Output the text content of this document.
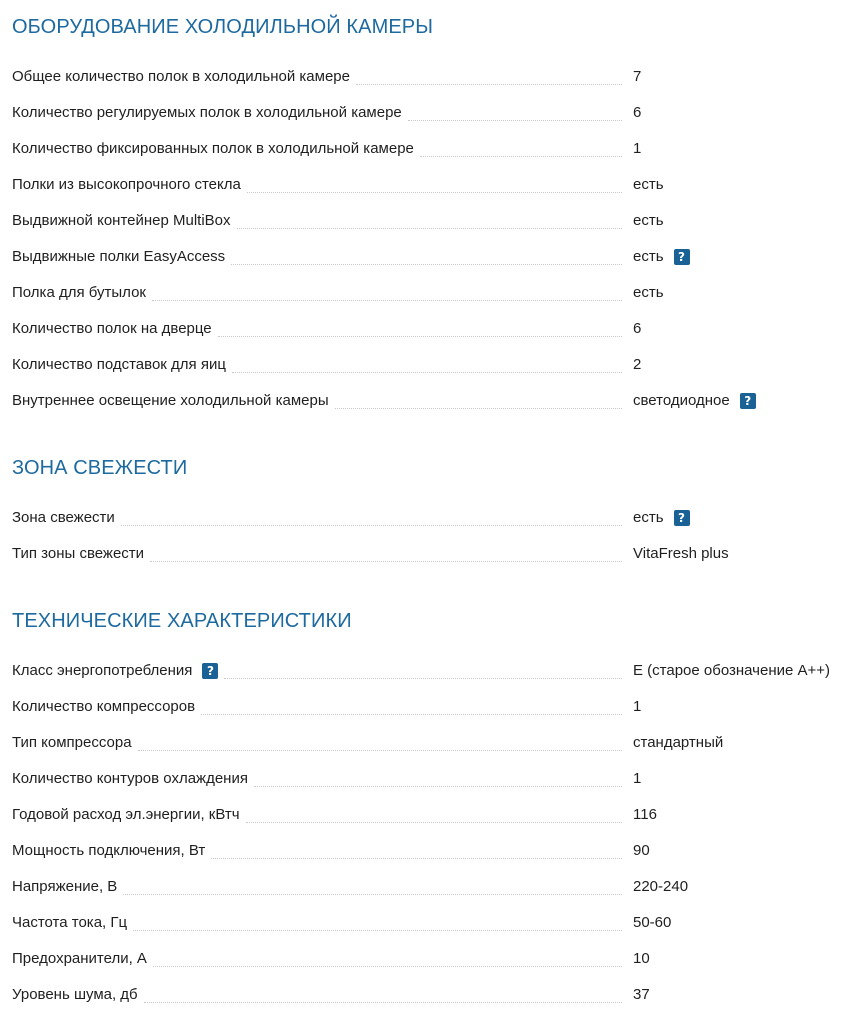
ОБОРУДОВАНИЕ ХОЛОДИЛЬНОЙ КАМЕРЫ
Общее количество полок в холодильной камере	7
Количество регулируемых полок в холодильной камере	6
Количество фиксированных полок в холодильной камере	1
Полки из высокопрочного стекла	есть
Выдвижной контейнер MultiBox	есть
Выдвижные полки EasyAccess	есть	?
Полка для бутылок	есть
Количество полок на дверце	6
Количество подставок для яиц	2
Внутреннее освещение холодильной камеры	светодиодное	?
ЗОНА СВЕЖЕСТИ
Зона свежести	есть	?
Тип зоны свежести	VitaFresh plus
ТЕХНИЧЕСКИЕ ХАРАКТЕРИСТИКИ
Класс энергопотребления	?	E (старое обозначение A++)
Количество компрессоров	1
Тип компрессора	стандартный
Количество контуров охлаждения	1
Годовой расход эл.энергии, кВтч	116
Мощность подключения, Вт	90
Напряжение, В	220-240
Частота тока, Гц	50-60
Предохранители, А	10
Уровень шума, дб	37
